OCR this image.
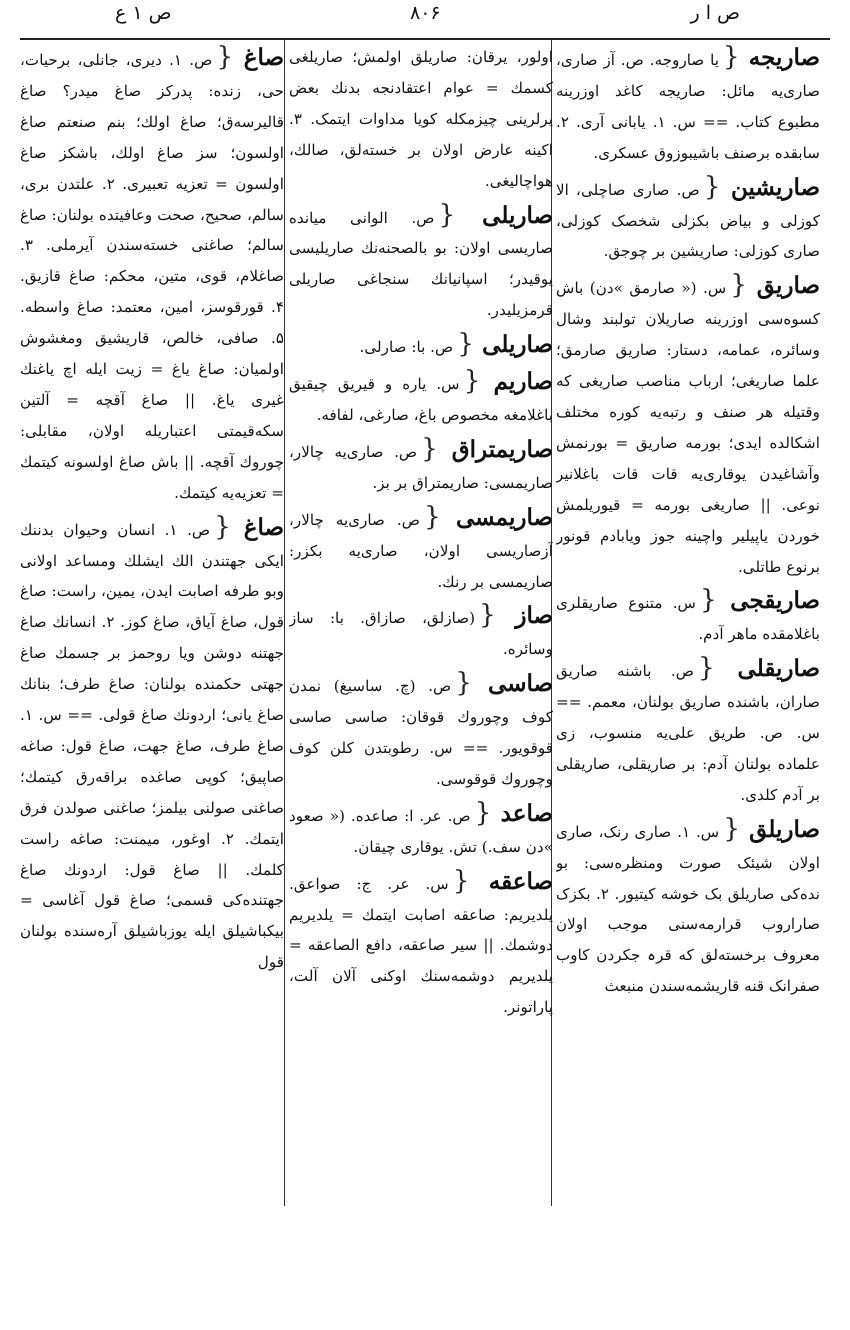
ص ۱ ع	۸۰۶	ص ا ر

صاریجه {یا صاروجه. ص. آز صاری، صاری‌یه مائل: صاریجه کاغد اوزرینه مطبوع کتاب. == س. ۱. یابانی آری. ۲. سابقده برصنف باشیبوزوق عسکری.

صاریشین {ص. صاری صاچلی، الا کوزلی و بیاض بکزلی شخصک کوزلی، صاری کوزلی: صاریشین بر چوجق.

صاریق {س. (« صارمق »دن) باش کسوه‌سی اوزرینه صاریلان تولبند وشال وسائره، عمامه، دستار: صاریق صارمق؛ علما صاریغی؛ ارباب مناصب صاریغی که وقتیله هر صنف و رتبه‌یه کوره مختلف اشکالده ایدی؛ بورمه صاریق = بورنمش وآشاغیدن یوقاری‌یه قات قات باغلانیر نوعی. || صاریغی بورمه = قیوریلمش خوردن یاپیلیر واچینه جوز ویابادم قونور برنوع طاتلی.

صاریقجی {س. متنوع صاریقلری باغلامقده ماهر آدم.

صاریقلی {ص. باشنه صاریق صاران، باشنده صاریق بولنان، معمم. == س. ص. طریق علی‌یه منسوب، زی علماده بولنان آدم: بر صاریقلی، صاریقلی بر آدم کلدی.

صاریلق {س. ۱. صاری رنک، صاری اولان شیئک صورت ومنظره‌سی: بو نده‌کی صاریلق بک خوشه کیتیور. ۲. بکزک صاراروب قرارمه‌سنی موجب اولان معروف برخسته‌لق که قرہ جکردن کاوب صفرانک قنه قاریشمه‌سندن منبعث

اولور، یرقان: صاریلق اولمش؛ صاریلغی کسمك = عوام اعتقادنجه بدنك بعض یرلرینی چیزمکله کویا مداوات ایتمک. ۳. اکینه عارض اولان بر خسته‌لق، صالك، هواچالیغی.

صاریلی {ص. الوانی میانده صاریسی اولان: بو بالصحنه‌نك صاریلیسی یوقیدر؛ اسپانیانك سنجاغی صاریلی قرمزیلیدر.

صاریلی {ص. با: صارلی.

صاریم {س. یاره و قیریق چیقیق باغلامغه مخصوص باغ، صارغی، لفافه.

صاریمتراق {ص. صاری‌یه چالار، صاریمسی: صاریمتراق بر بز.

صاریمسی {ص. صاری‌یه چالار، آزصاریسی اولان، صاری‌یه بکزر: صاریمسی بر رنك.

صاز {(صازلق، صازاق. با: ساز وسائره.

صاسی {ص. (چ. ساسیغ) نمدن کوف وچوروك قوقان: صاسی صاسی قوقویور. == س. رطوبتدن کلن کوف وچوروك قوقوسی.

صاعد {ص. عر. ا: صاعده. (« صعود »دن سف.) تش. یوقاری چیقان.

صاعقه {س. عر. ج: صواعق. یلدیریم: صاعقه اصابت ایتمك = یلدیریم دوشمك. || سیر صاعقه، دافع الصاعقه = یلدیریم دوشمه‌سنك اوکنی آلان آلت، پاراتونر.

صاغ {ص. ۱. دیری، جانلی، برحیات، حی، زنده: پدرکز صاغ میدر؟ صاغ قالیرسه‌ق؛ صاغ اولك؛ بنم صنعتم صاغ اولسون؛ سز صاغ اولك، باشکز صاغ اولسون = تعزیه تعبیری. ۲. علتدن بری، سالم، صحیح، صحت وعافیتده بولنان: صاغ سالم؛ صاغنی خسته‌سندن آیرملی. ۳. صاغلام، قوی، متین، محکم: صاغ قازیق. ۴. قورقوسز، امین، معتمد: صاغ واسطه. ۵. صافی، خالص، قاریشیق ومغشوش اولمیان: صاغ یاغ = زیت ایله اچ یاغنك غیری یاغ. || صاغ آقچه = آلتین سکه‌قیمتی اعتباریله اولان، مقابلی: چوروك آقچه. || باش صاغ اولسونه کیتمك = تعزیه‌یه کیتمك.

صاغ {ص. ۱. انسان وحیوان بدننك ایکی جهتندن الك ایشلك ومساعد اولانی وبو طرفه اصابت ایدن، یمین، راست: صاغ قول، صاغ آیاق، صاغ کوز. ۲. انسانك صاغ جهتنه دوشن ویا روحمز بر جسمك صاغ جهتی حکمنده بولنان: صاغ طرف؛ بنانك صاغ یانی؛ اردونك صاغ قولی. == س. ۱. صاغ طرف، صاغ جهت، صاغ قول: صاغه صاپیق؛ کوپی صاغده براقه‌رق کیتمك؛ صاغنی صولنی بیلمز؛ صاغنی صولدن فرق ایتمك. ۲. اوغور، میمنت: صاغه راست کلمك. || صاغ قول: اردونك صاغ جهتنده‌کی قسمی؛ صاغ قول آغاسی = بیکباشیلق ایله یوزباشیلق آره‌سنده بولنان قول
